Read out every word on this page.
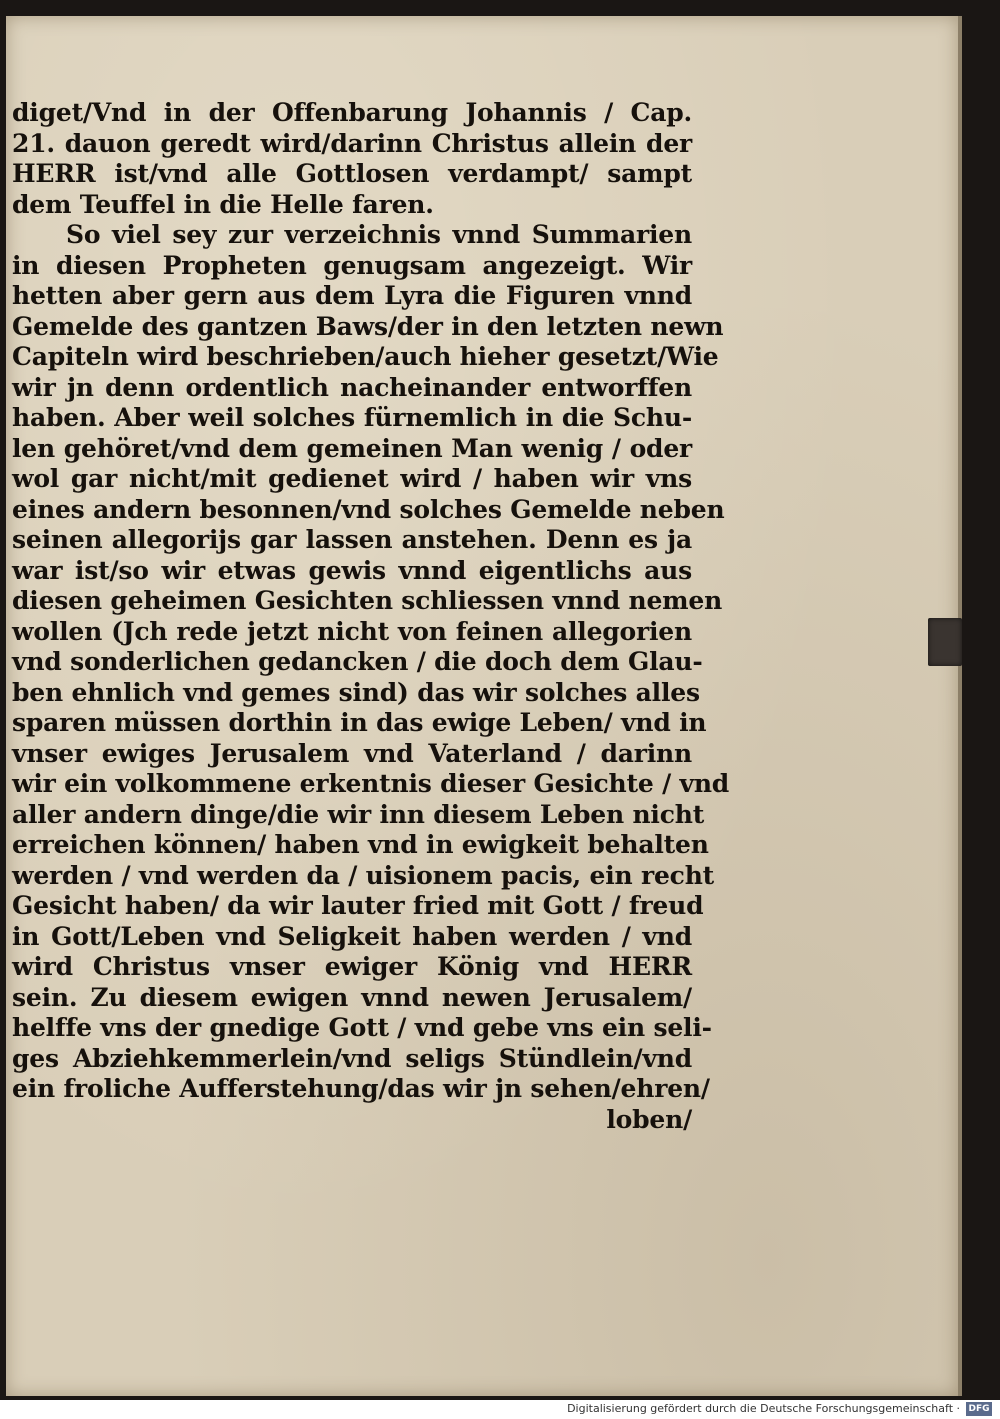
diget/Vnd in der Offenbarung Johannis / Cap.
21. dauon geredt wird/darinn Christus allein der
HERR ist/vnd alle Gottlosen verdampt/ sampt
dem Teuffel in die Helle faren.
So viel sey zur verzeichnis vnnd Summarien
in diesen Propheten genugsam angezeigt. Wir
hetten aber gern aus dem Lyra die Figuren vnnd
Gemelde des gantzen Baws/der in den letzten newn
Capiteln wird beschrieben/auch hieher gesetzt/Wie
wir jn denn ordentlich nacheinander entworffen
haben. Aber weil solches fürnemlich in die Schu-
len gehöret/vnd dem gemeinen Man wenig / oder
wol gar nicht/mit gedienet wird / haben wir vns
eines andern besonnen/vnd solches Gemelde neben
seinen allegorijs gar lassen anstehen. Denn es ja
war ist/so wir etwas gewis vnnd eigentlichs aus
diesen geheimen Gesichten schliessen vnnd nemen
wollen (Jch rede jetzt nicht von feinen allegorien
vnd sonderlichen gedancken / die doch dem Glau-
ben ehnlich vnd gemes sind) das wir solches alles
sparen müssen dorthin in das ewige Leben/ vnd in
vnser ewiges Jerusalem vnd Vaterland / darinn
wir ein volkommene erkentnis dieser Gesichte / vnd
aller andern dinge/die wir inn diesem Leben nicht
erreichen können/ haben vnd in ewigkeit behalten
werden / vnd werden da / uisionem pacis, ein recht
Gesicht haben/ da wir lauter fried mit Gott / freud
in Gott/Leben vnd Seligkeit haben werden / vnd
wird Christus vnser ewiger König vnd HERR
sein. Zu diesem ewigen vnnd newen Jerusalem/
helffe vns der gnedige Gott / vnd gebe vns ein seli-
ges Abziehkemmerlein/vnd seligs Stündlein/vnd
ein froliche Aufferstehung/das wir jn sehen/ehren/
loben/
Digitalisierung gefördert durch die Deutsche Forschungsgemeinschaft · DFG
